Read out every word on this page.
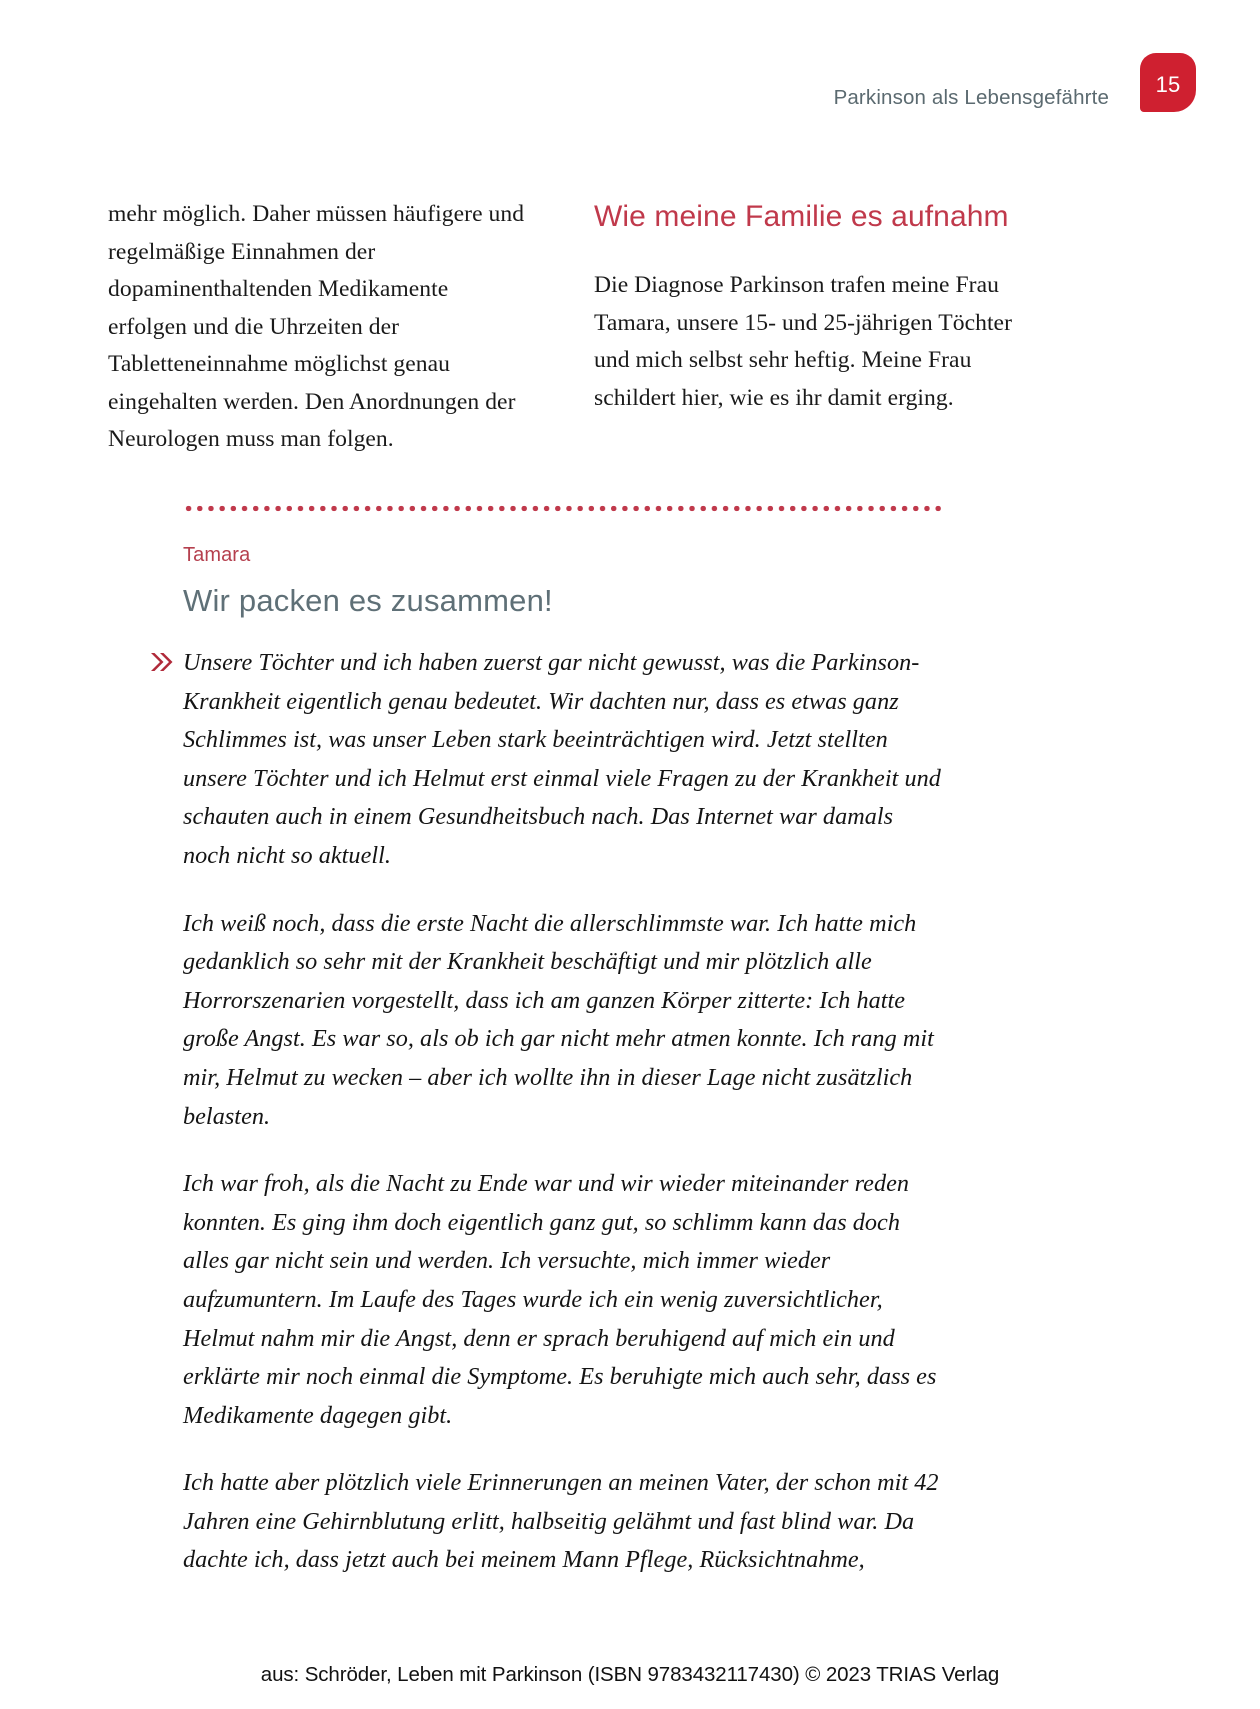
Parkinson als Lebensgefährte
15

mehr möglich. Daher müssen häufigere und regelmäßige Einnahmen der dopaminenthaltenden Medikamente erfolgen und die Uhrzeiten der Tabletteneinnahme möglichst genau eingehalten werden. Den Anordnungen der Neurologen muss man folgen.

Wie meine Familie es aufnahm

Die Diagnose Parkinson trafen meine Frau Tamara, unsere 15- und 25-jährigen Töchter und mich selbst sehr heftig. Meine Frau schildert hier, wie es ihr damit erging.

Tamara
Wir packen es zusammen!

Unsere Töchter und ich haben zuerst gar nicht gewusst, was die Parkinson-Krankheit eigentlich genau bedeutet. Wir dachten nur, dass es etwas ganz Schlimmes ist, was unser Leben stark beeinträchtigen wird. Jetzt stellten unsere Töchter und ich Helmut erst einmal viele Fragen zu der Krankheit und schauten auch in einem Gesundheitsbuch nach. Das Internet war damals noch nicht so aktuell.

Ich weiß noch, dass die erste Nacht die allerschlimmste war. Ich hatte mich gedanklich so sehr mit der Krankheit beschäftigt und mir plötzlich alle Horrorszenarien vorgestellt, dass ich am ganzen Körper zitterte: Ich hatte große Angst. Es war so, als ob ich gar nicht mehr atmen konnte. Ich rang mit mir, Helmut zu wecken – aber ich wollte ihn in dieser Lage nicht zusätzlich belasten.

Ich war froh, als die Nacht zu Ende war und wir wieder miteinander reden konnten. Es ging ihm doch eigentlich ganz gut, so schlimm kann das doch alles gar nicht sein und werden. Ich versuchte, mich immer wieder aufzumuntern. Im Laufe des Tages wurde ich ein wenig zuversichtlicher, Helmut nahm mir die Angst, denn er sprach beruhigend auf mich ein und erklärte mir noch einmal die Symptome. Es beruhigte mich auch sehr, dass es Medikamente dagegen gibt.

Ich hatte aber plötzlich viele Erinnerungen an meinen Vater, der schon mit 42 Jahren eine Gehirnblutung erlitt, halbseitig gelähmt und fast blind war. Da dachte ich, dass jetzt auch bei meinem Mann Pflege, Rücksichtnahme,

aus: Schröder, Leben mit Parkinson (ISBN 9783432117430) © 2023 TRIAS Verlag
